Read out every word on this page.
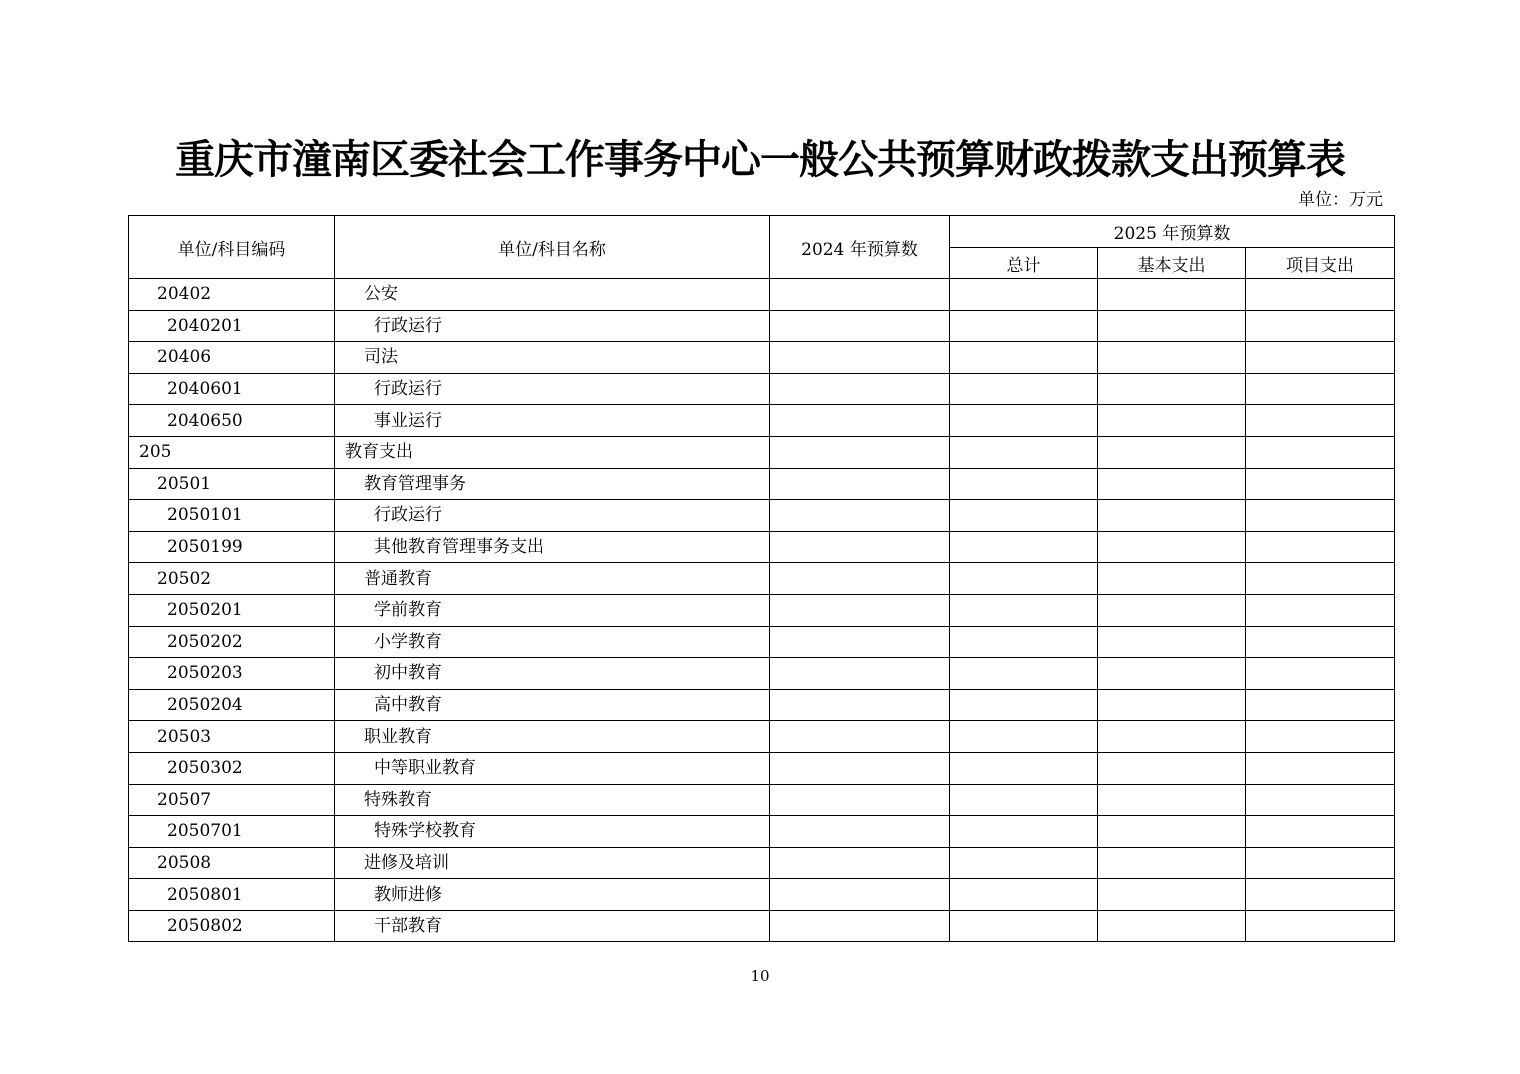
重庆市潼南区委社会工作事务中心一般公共预算财政拨款支出预算表
单位：万元
单位/科目编码	单位/科目名称	2024 年预算数	2025 年预算数		
			总计	基本支出	项目支出
20402	公安				
2040201	行政运行				
20406	司法				
2040601	行政运行				
2040650	事业运行				
205	教育支出				
20501	教育管理事务				
2050101	行政运行				
2050199	其他教育管理事务支出				
20502	普通教育				
2050201	学前教育				
2050202	小学教育				
2050203	初中教育				
2050204	高中教育				
20503	职业教育				
2050302	中等职业教育				
20507	特殊教育				
2050701	特殊学校教育				
20508	进修及培训				
2050801	教师进修				
2050802	干部教育				
10
